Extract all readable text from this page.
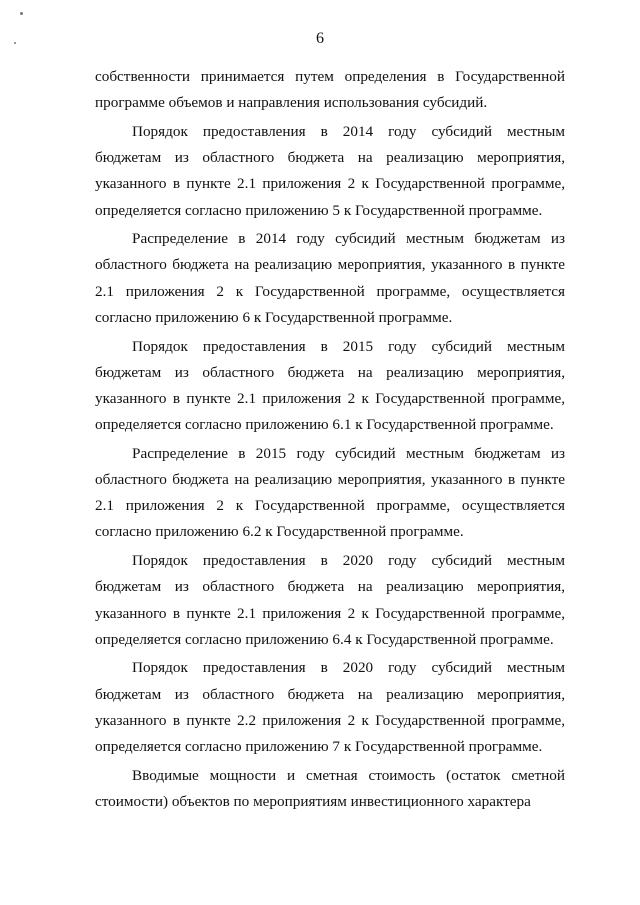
6

собственности принимается путем определения в Государственной программе объемов и направления использования субсидий.

Порядок предоставления в 2014 году субсидий местным бюджетам из областного бюджета на реализацию мероприятия, указанного в пункте 2.1 приложения 2 к Государственной программе, определяется согласно приложению 5 к Государственной программе.

Распределение в 2014 году субсидий местным бюджетам из областного бюджета на реализацию мероприятия, указанного в пункте 2.1 приложения 2 к Государственной программе, осуществляется согласно приложению 6 к Государственной программе.

Порядок предоставления в 2015 году субсидий местным бюджетам из областного бюджета на реализацию мероприятия, указанного в пункте 2.1 приложения 2 к Государственной программе, определяется согласно приложению 6.1 к Государственной программе.

Распределение в 2015 году субсидий местным бюджетам из областного бюджета на реализацию мероприятия, указанного в пункте 2.1 приложения 2 к Государственной программе, осуществляется согласно приложению 6.2 к Государственной программе.

Порядок предоставления в 2020 году субсидий местным бюджетам из областного бюджета на реализацию мероприятия, указанного в пункте 2.1 приложения 2 к Государственной программе, определяется согласно приложению 6.4 к Государственной программе.

Порядок предоставления в 2020 году субсидий местным бюджетам из областного бюджета на реализацию мероприятия, указанного в пункте 2.2 приложения 2 к Государственной программе, определяется согласно приложению 7 к Государственной программе.

Вводимые мощности и сметная стоимость (остаток сметной стоимости) объектов по мероприятиям инвестиционного характера
